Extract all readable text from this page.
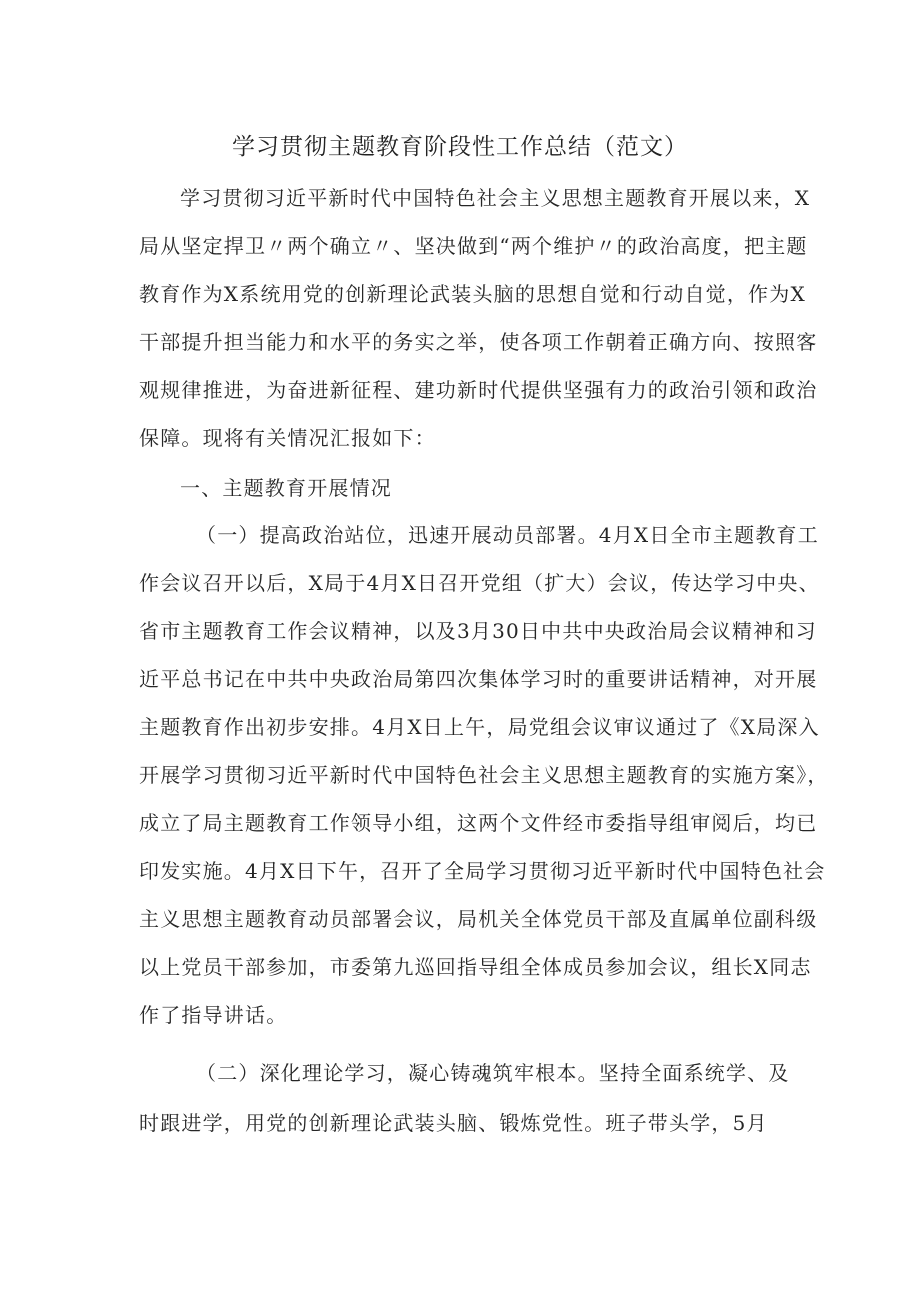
学习贯彻主题教育阶段性工作总结（范文）
学习贯彻习近平新时代中国特色社会主义思想主题教育开展以来，X
局从坚定捍卫〃两个确立〃、坚决做到“两个维护〃的政治高度，把主题
教育作为X系统用党的创新理论武装头脑的思想自觉和行动自觉，作为X
干部提升担当能力和水平的务实之举，使各项工作朝着正确方向、按照客
观规律推进，为奋进新征程、建功新时代提供坚强有力的政治引领和政治
保障。现将有关情况汇报如下：
一、主题教育开展情况
（一）提高政治站位，迅速开展动员部署。4月X日全市主题教育工
作会议召开以后，X局于4月X日召开党组（扩大）会议，传达学习中央、
省市主题教育工作会议精神，以及3月30日中共中央政治局会议精神和习
近平总书记在中共中央政治局第四次集体学习时的重要讲话精神，对开展
主题教育作出初步安排。4月X日上午，局党组会议审议通过了《X局深入
开展学习贯彻习近平新时代中国特色社会主义思想主题教育的实施方案》，
成立了局主题教育工作领导小组，这两个文件经市委指导组审阅后，均已
印发实施。4月X日下午，召开了全局学习贯彻习近平新时代中国特色社会
主义思想主题教育动员部署会议，局机关全体党员干部及直属单位副科级
以上党员干部参加，市委第九巡回指导组全体成员参加会议，组长X同志
作了指导讲话。
（二）深化理论学习，凝心铸魂筑牢根本。坚持全面系统学、及
时跟进学，用党的创新理论武装头脑、锻炼党性。班子带头学，5月
